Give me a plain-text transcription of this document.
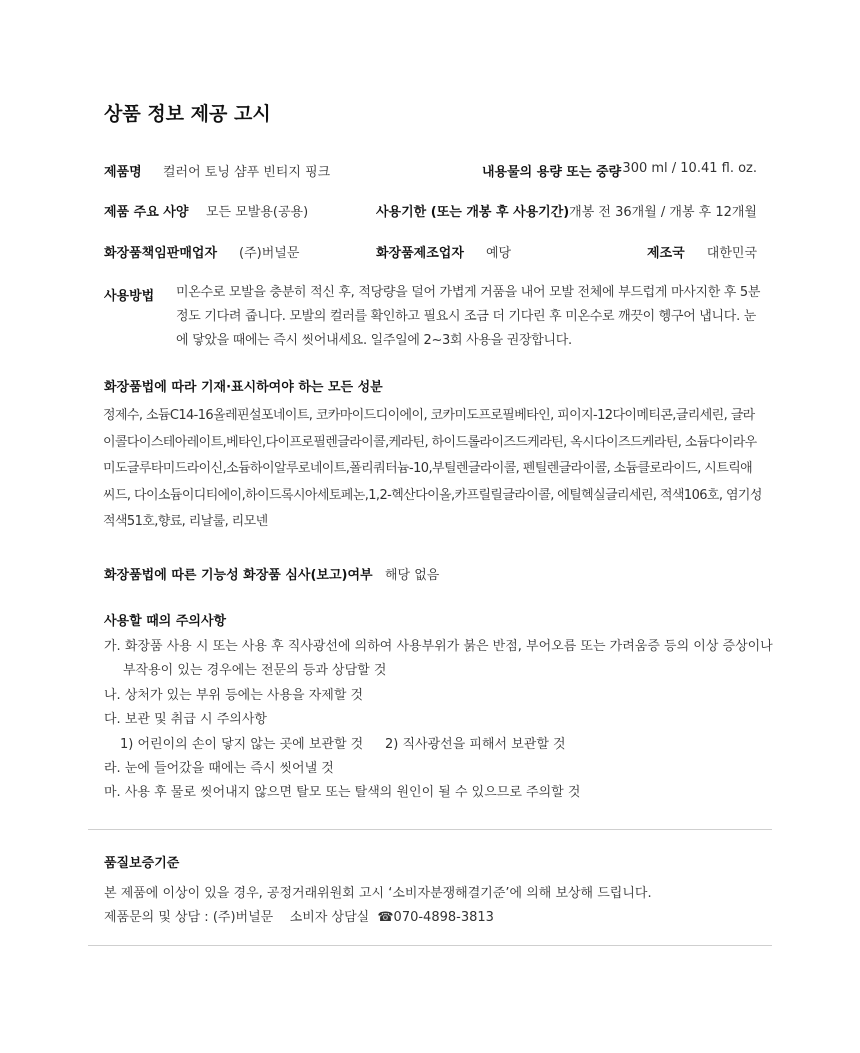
상품 정보 제공 고시
제품명 컬러어 토닝 샴푸 빈티지 핑크	내용물의 용량 또는 중량 300 ml / 10.41 fl. oz.
제품 주요 사양 모든 모발용(공용)	사용기한 (또는 개봉 후 사용기간) 개봉 전 36개월 / 개봉 후 12개월
화장품책임판매업자 (주)버널문	화장품제조업자 예당	제조국 대한민국
사용방법 미온수로 모발을 충분히 적신 후, 적당량을 덜어 가볍게 거품을 내어 모발 전체에 부드럽게 마사지한 후 5분 정도 기다려 줍니다. 모발의 컬러를 확인하고 필요시 조금 더 기다린 후 미온수로 깨끗이 헹구어 냅니다. 눈에 닿았을 때에는 즉시 씻어내세요. 일주일에 2~3회 사용을 권장합니다.
화장품법에 따라 기재·표시하여야 하는 모든 성분
정제수, 소듐C14-16올레핀설포네이트, 코카마이드디이에이, 코카미도프로필베타인, 피이지-12다이메티콘,글리세린, 글라이콜다이스테아레이트,베타인,다이프로필렌글라이콜,케라틴, 하이드롤라이즈드케라틴, 옥시다이즈드케라틴, 소듐다이라우미도글루타미드라이신,소듐하이알루로네이트,폴리쿼터늄-10,부틸렌글라이콜, 펜틸렌글라이콜, 소듐클로라이드, 시트릭애씨드, 다이소듐이디티에이,하이드록시아세토페논,1,2-헥산다이올,카프릴릴글라이콜, 에틸헥실글리세린, 적색106호, 염기성적색51호,향료, 리날룰, 리모넨
화장품법에 따른 기능성 화장품 심사(보고)여부 해당 없음
사용할 때의 주의사항
가. 화장품 사용 시 또는 사용 후 직사광선에 의하여 사용부위가 붉은 반점, 부어오름 또는 가려움증 등의 이상 증상이나
부작용이 있는 경우에는 전문의 등과 상담할 것
나. 상처가 있는 부위 등에는 사용을 자제할 것
다. 보관 및 취급 시 주의사항
1) 어린이의 손이 닿지 않는 곳에 보관할 것 2) 직사광선을 피해서 보관할 것
라. 눈에 들어갔을 때에는 즉시 씻어낼 것
마. 사용 후 물로 씻어내지 않으면 탈모 또는 탈색의 원인이 될 수 있으므로 주의할 것
품질보증기준
본 제품에 이상이 있을 경우, 공정거래위원회 고시 ‘소비자분쟁해결기준’에 의해 보상해 드립니다.
제품문의 및 상담 : (주)버널문    소비자 상담실 ☎070-4898-3813
